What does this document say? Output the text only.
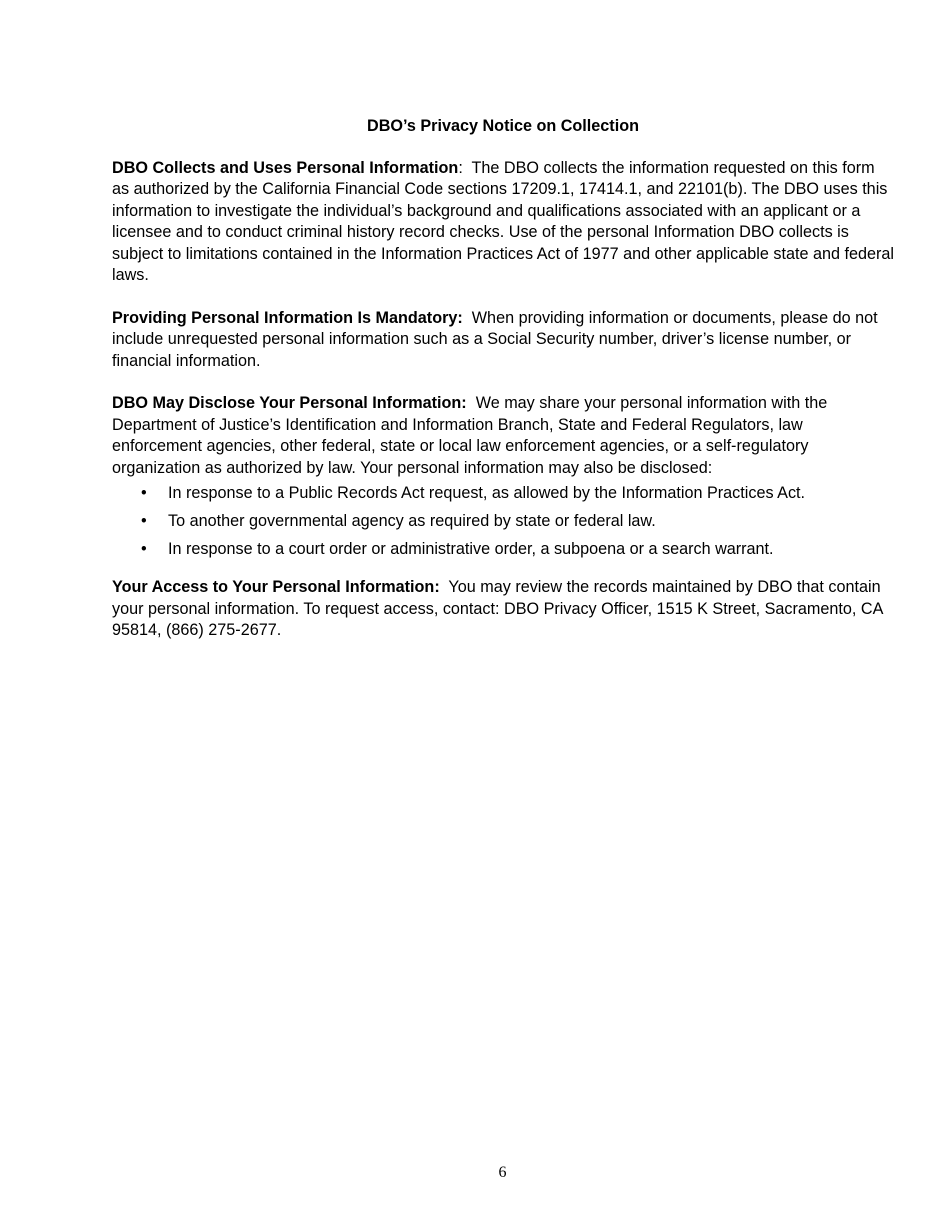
DBO’s Privacy Notice on Collection

DBO Collects and Uses Personal Information:  The DBO collects the information requested on this form as authorized by the California Financial Code sections 17209.1, 17414.1, and 22101(b). The DBO uses this information to investigate the individual’s background and qualifications associated with an applicant or a licensee and to conduct criminal history record checks. Use of the personal Information DBO collects is subject to limitations contained in the Information Practices Act of 1977 and other applicable state and federal laws.

Providing Personal Information Is Mandatory: When providing information or documents, please do not include unrequested personal information such as a Social Security number, driver’s license number, or financial information.

DBO May Disclose Your Personal Information: We may share your personal information with the Department of Justice’s Identification and Information Branch, State and Federal Regulators, law enforcement agencies, other federal, state or local law enforcement agencies, or a self-regulatory organization as authorized by law. Your personal information may also be disclosed:

• In response to a Public Records Act request, as allowed by the Information Practices Act.
• To another governmental agency as required by state or federal law.
• In response to a court order or administrative order, a subpoena or a search warrant.

Your Access to Your Personal Information: You may review the records maintained by DBO that contain your personal information. To request access, contact: DBO Privacy Officer, 1515 K Street, Sacramento, CA 95814, (866) 275-2677.

6
